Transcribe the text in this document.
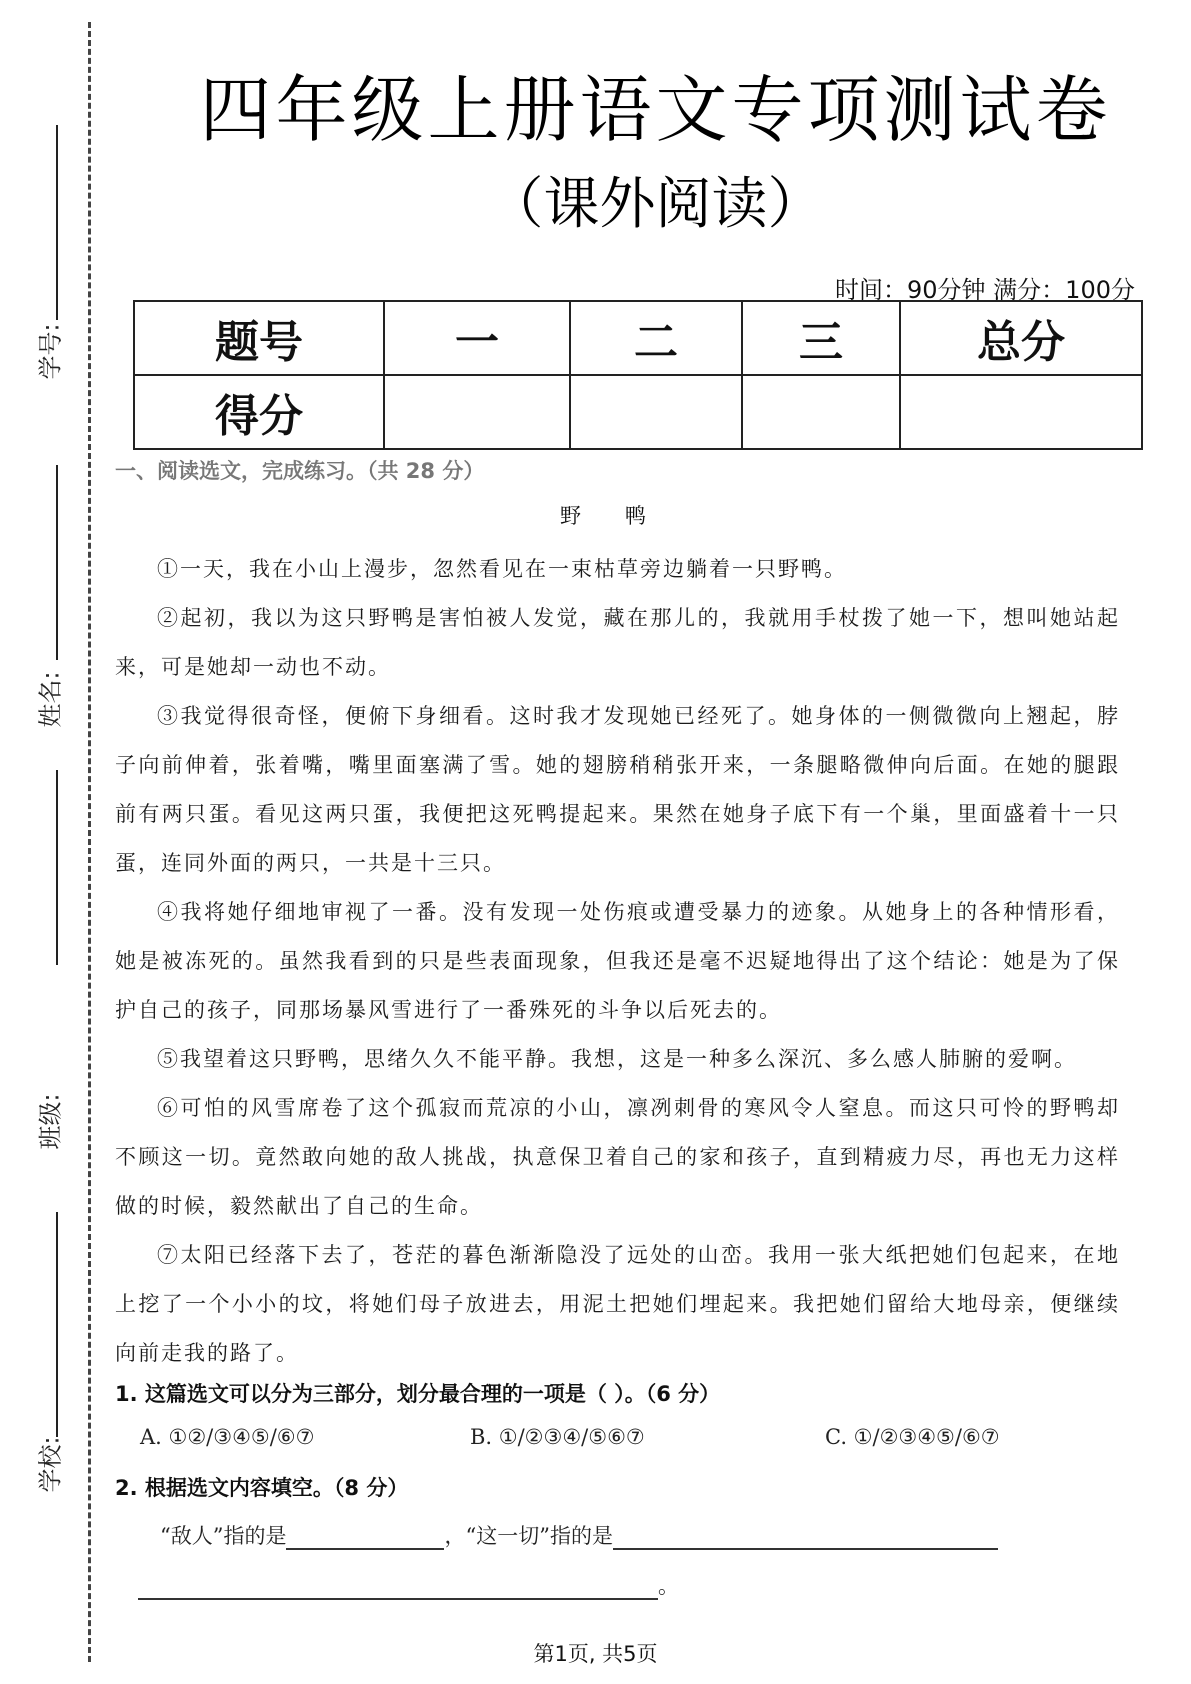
学号:
姓名:
班级:
学校:
四年级上册语文专项测试卷
（课外阅读）
时间：90分钟 满分：100分
题号	一	二	三	总分
得分				
一、阅读选文，完成练习。（共 28 分）
野鸭

①一天，我在小山上漫步，忽然看见在一束枯草旁边躺着一只野鸭。

②起初，我以为这只野鸭是害怕被人发觉，藏在那儿的，我就用手杖拨了她一下，想叫她站起来，可是她却一动也不动。

③我觉得很奇怪，便俯下身细看。这时我才发现她已经死了。她身体的一侧微微向上翘起，脖子向前伸着，张着嘴，嘴里面塞满了雪。她的翅膀稍稍张开来，一条腿略微伸向后面。在她的腿跟前有两只蛋。看见这两只蛋，我便把这死鸭提起来。果然在她身子底下有一个巢，里面盛着十一只蛋，连同外面的两只，一共是十三只。

④我将她仔细地审视了一番。没有发现一处伤痕或遭受暴力的迹象。从她身上的各种情形看，她是被冻死的。虽然我看到的只是些表面现象，但我还是毫不迟疑地得出了这个结论：她是为了保护自己的孩子，同那场暴风雪进行了一番殊死的斗争以后死去的。

⑤我望着这只野鸭，思绪久久不能平静。我想，这是一种多么深沉、多么感人肺腑的爱啊。

⑥可怕的风雪席卷了这个孤寂而荒凉的小山，凛冽刺骨的寒风令人窒息。而这只可怜的野鸭却不顾这一切。竟然敢向她的敌人挑战，执意保卫着自己的家和孩子，直到精疲力尽，再也无力这样做的时候，毅然献出了自己的生命。

⑦太阳已经落下去了，苍茫的暮色渐渐隐没了远处的山峦。我用一张大纸把她们包起来，在地上挖了一个小小的坟，将她们母子放进去，用泥土把她们埋起来。我把她们留给大地母亲，便继续向前走我的路了。

1. 这篇选文可以分为三部分，划分最合理的一项是（ ）。（6 分）
A. ①②/③④⑤/⑥⑦	B. ①/②③④/⑤⑥⑦	C. ①/②③④⑤/⑥⑦
2. 根据选文内容填空。（8 分）
“敌人”指的是	，“这一切”指的是
。
第1页, 共5页
